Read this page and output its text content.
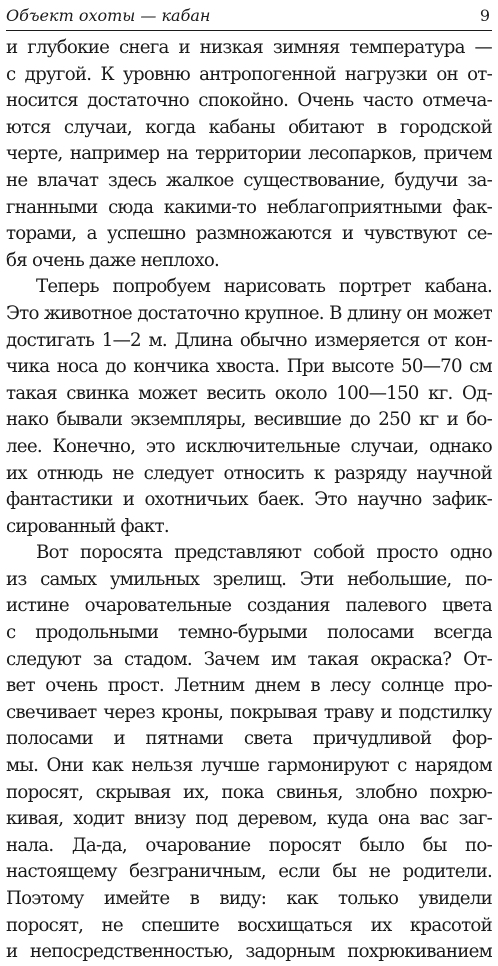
Объект охоты — кабан	9
и глубокие снега и низкая зимняя температура —
с другой. К уровню антропогенной нагрузки он от-
носится достаточно спокойно. Очень часто отмеча-
ются случаи, когда кабаны обитают в городской
черте, например на территории лесопарков, причем
не влачат здесь жалкое существование, будучи за-
гнанными сюда какими-то неблагоприятными фак-
торами, а успешно размножаются и чувствуют се-
бя очень даже неплохо.
Теперь попробуем нарисовать портрет кабана.
Это животное достаточно крупное. В длину он может
достигать 1—2 м. Длина обычно измеряется от кон-
чика носа до кончика хвоста. При высоте 50—70 см
такая свинка может весить около 100—150 кг. Од-
нако бывали экземпляры, весившие до 250 кг и бо-
лее. Конечно, это исключительные случаи, однако
их отнюдь не следует относить к разряду научной
фантастики и охотничьих баек. Это научно зафик-
сированный факт.
Вот поросята представляют собой просто одно
из самых умильных зрелищ. Эти небольшие, по-
истине очаровательные создания палевого цвета
с продольными темно-бурыми полосами всегда
следуют за стадом. Зачем им такая окраска? От-
вет очень прост. Летним днем в лесу солнце про-
свечивает через кроны, покрывая траву и подстилку
полосами и пятнами света причудливой фор-
мы. Они как нельзя лучше гармонируют с нарядом
поросят, скрывая их, пока свинья, злобно похрю-
кивая, ходит внизу под деревом, куда она вас заг-
нала. Да-да, очарование поросят было бы по-
настоящему безграничным, если бы не родители.
Поэтому имейте в виду: как только увидели
поросят, не спешите восхищаться их красотой
и непосредственностью, задорным похрюкиванием
